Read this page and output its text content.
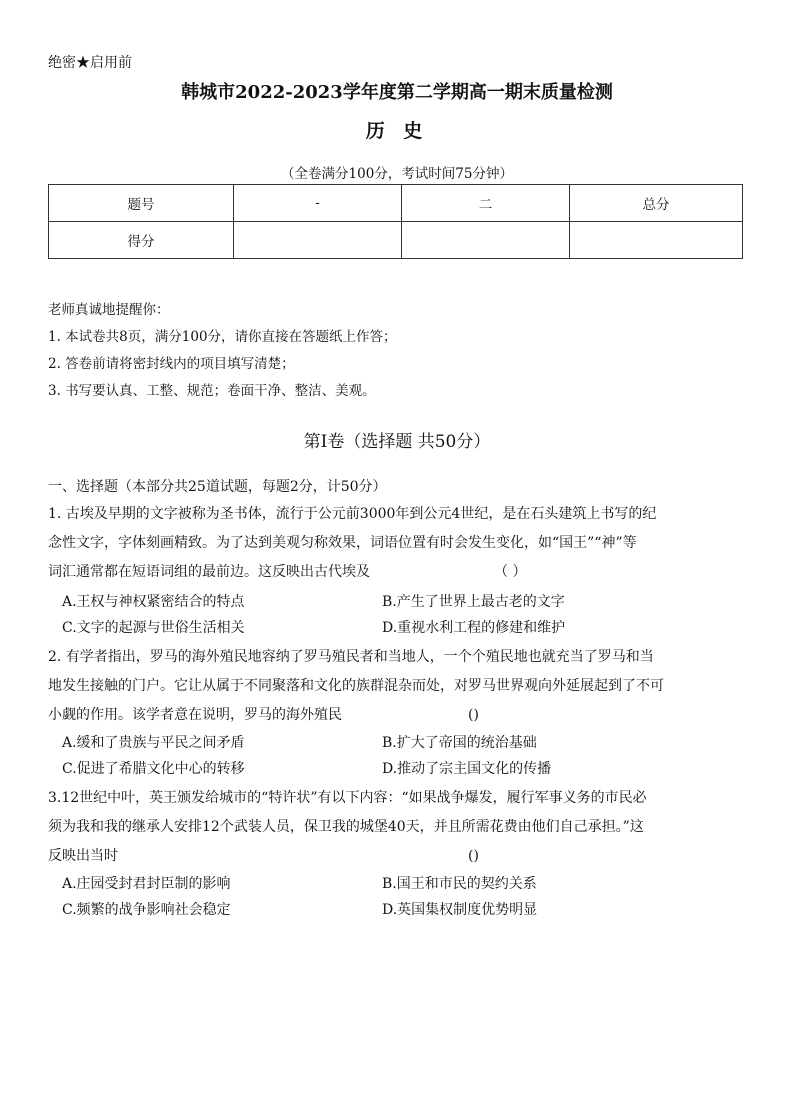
绝密★启用前
韩城市2022-2023学年度第二学期高一期末质量检测
历 史
（全卷满分100分，考试时间75分钟）
题号	-	二	总分
得分			
老师真诚地提醒你：
1. 本试卷共8页，满分100分，请你直接在答题纸上作答；
2. 答卷前请将密封线内的项目填写清楚；
3. 书写要认真、工整、规范；卷面干净、整洁、美观。
第Ⅰ卷（选择题 共50分）
一、选择题（本部分共25道试题，每题2分，计50分）
1. 古埃及早期的文字被称为圣书体，流行于公元前3000年到公元4世纪，是在石头建筑上书写的纪
念性文字，字体刻画精致。为了达到美观匀称效果，词语位置有时会发生变化，如“国王”“神”等
词汇通常都在短语词组的最前边。这反映出古代埃及	（ ）
A.王权与神权紧密结合的特点	B.产生了世界上最古老的文字
C.文字的起源与世俗生活相关	D.重视水利工程的修建和维护
2. 有学者指出，罗马的海外殖民地容纳了罗马殖民者和当地人，一个个殖民地也就充当了罗马和当
地发生接触的门户。它让从属于不同聚落和文化的族群混杂而处，对罗马世界观向外延展起到了不可
小觑的作用。该学者意在说明，罗马的海外殖民	()
A.缓和了贵族与平民之间矛盾	B.扩大了帝国的统治基础
C.促进了希腊文化中心的转移	D.推动了宗主国文化的传播
3.12世纪中叶，英王颁发给城市的“特许状”有以下内容：“如果战争爆发，履行军事义务的市民必
须为我和我的继承人安排12个武装人员，保卫我的城堡40天，并且所需花费由他们自己承担。”这
反映出当时	()
A.庄园受封君封臣制的影响	B.国王和市民的契约关系
C.频繁的战争影响社会稳定	D.英国集权制度优势明显
